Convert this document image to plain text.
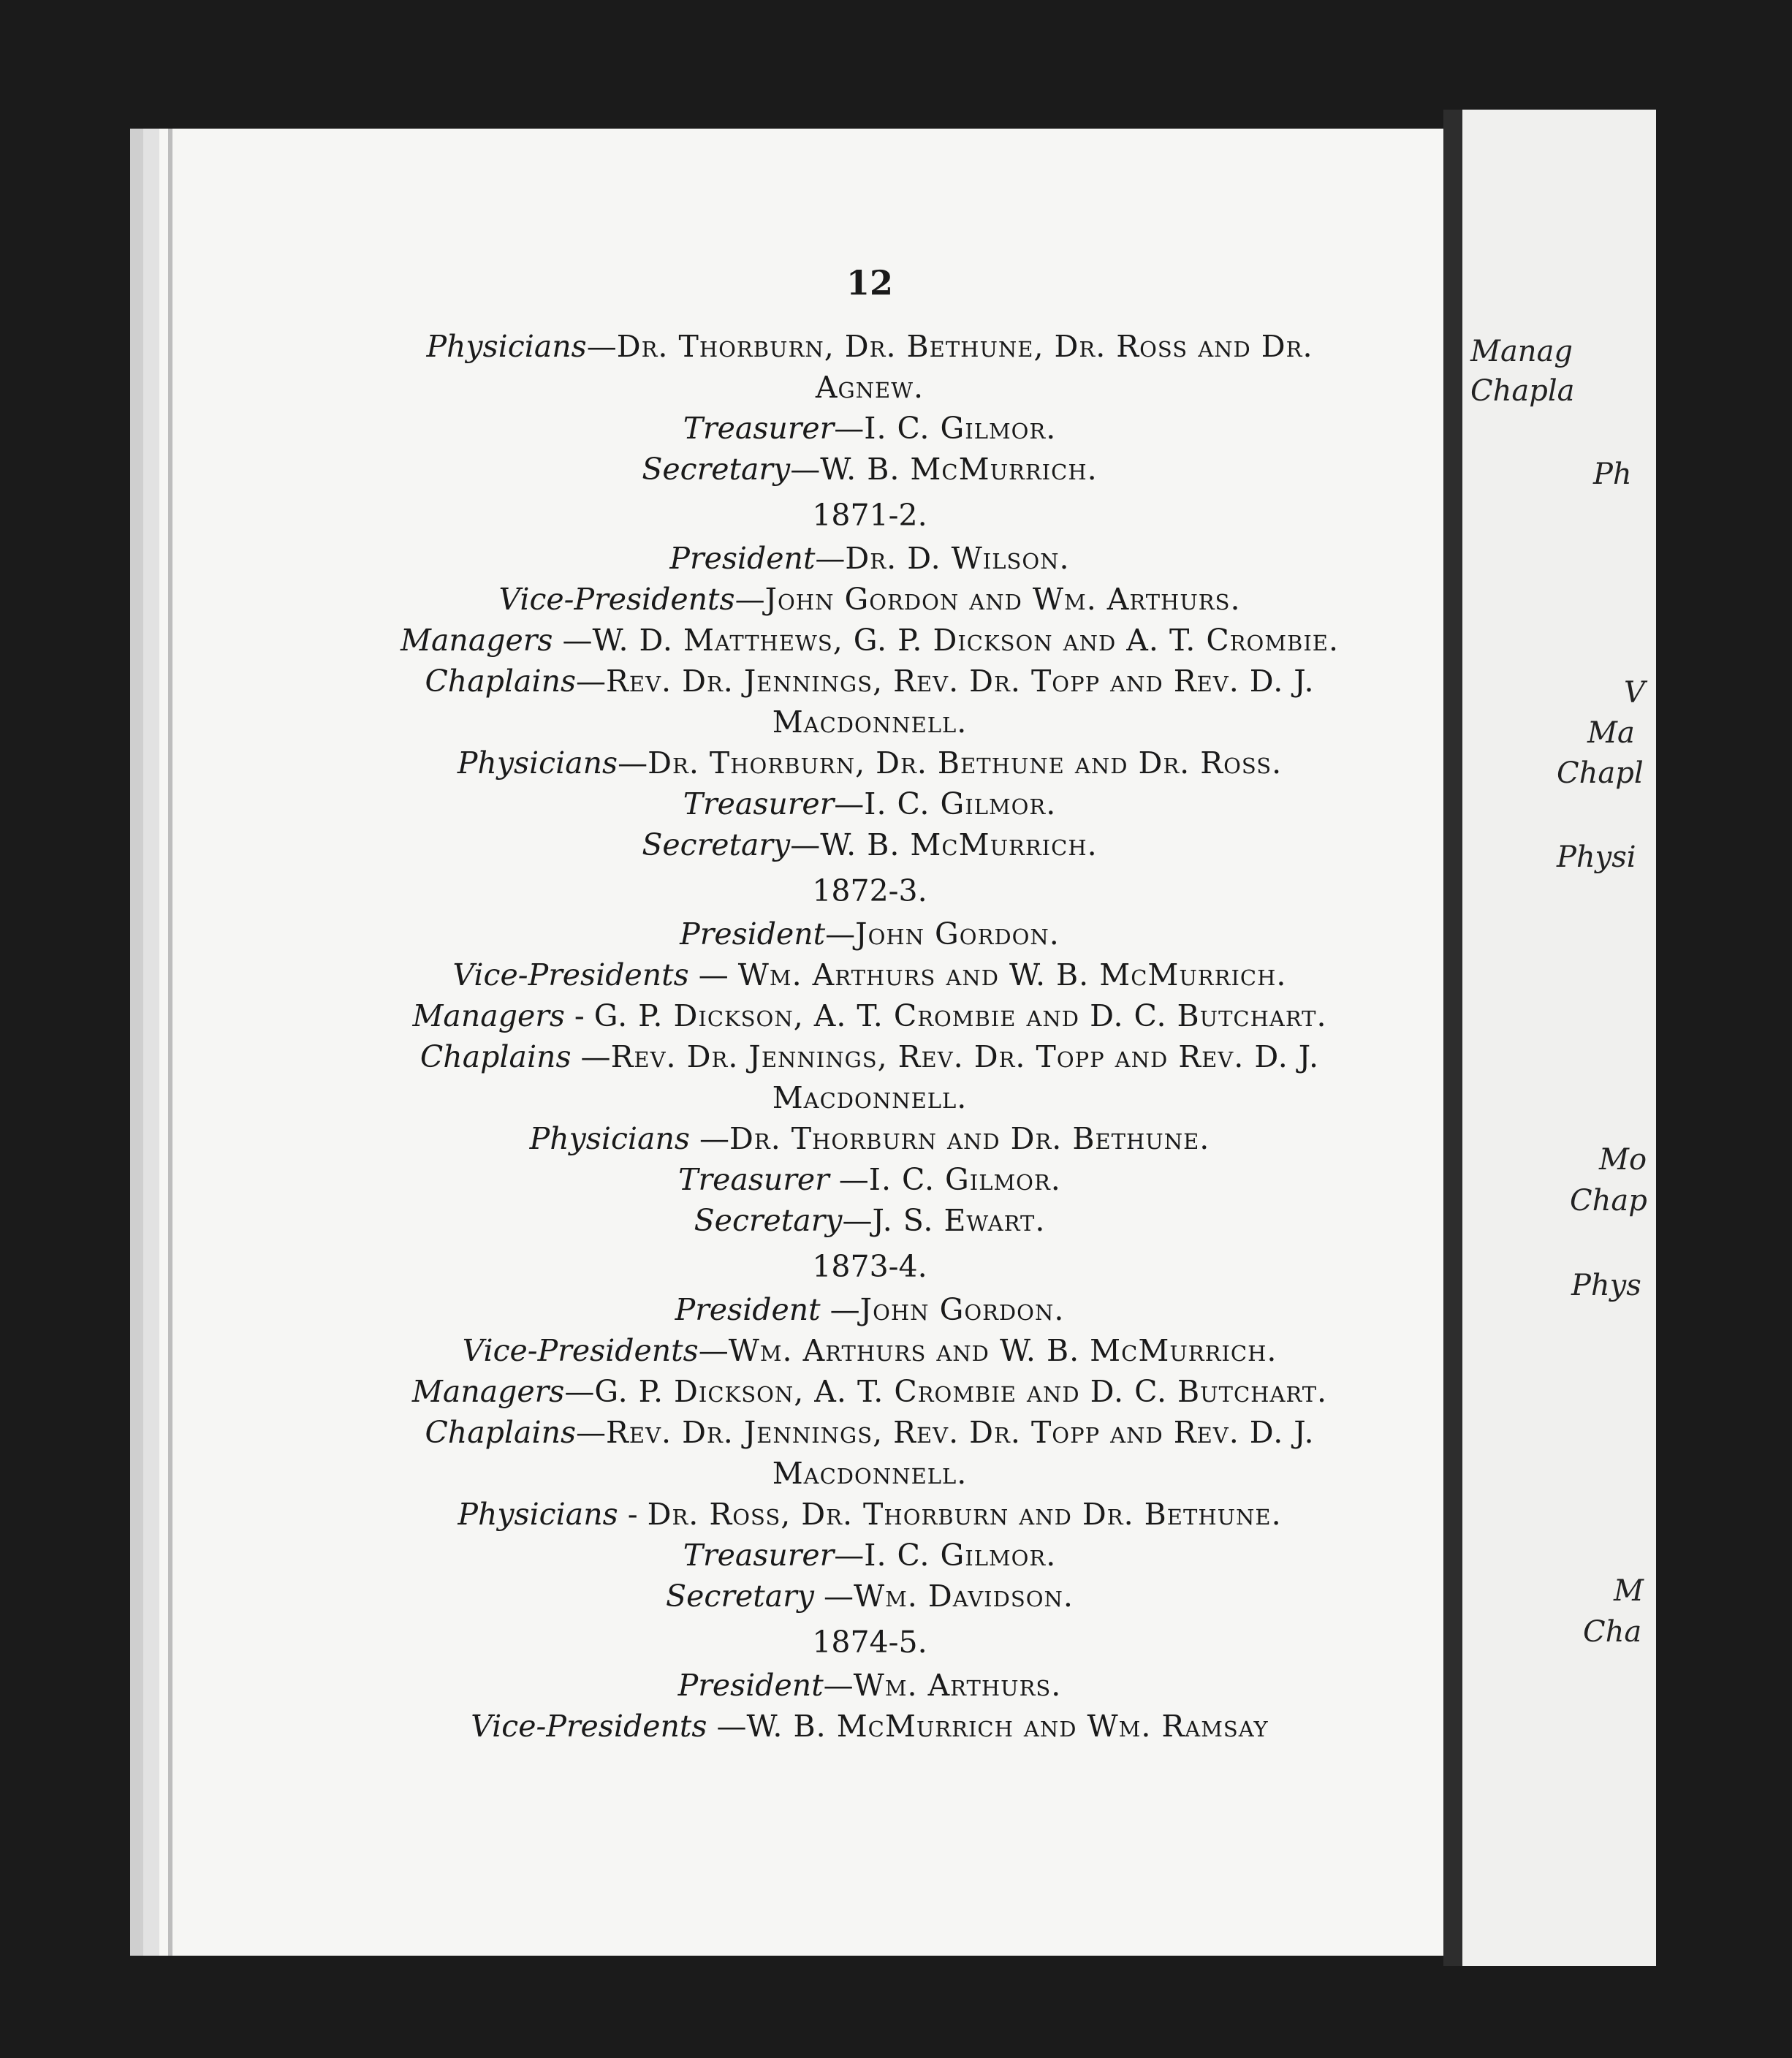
Manag
Chapla
Ph
V
Ma
Chapl
Physi
Mo
Chap
Phys
M
Cha
12
Physicians—Dr. Thorburn, Dr. Bethune, Dr. Ross and Dr.
Agnew.
Treasurer—I. C. Gilmor.
Secretary—W. B. McMurrich.
1871-2.
President—Dr. D. Wilson.
Vice-Presidents—John Gordon and Wm. Arthurs.
Managers —W. D. Matthews, G. P. Dickson and A. T. Crombie.
Chaplains—Rev. Dr. Jennings, Rev. Dr. Topp and Rev. D. J.
Macdonnell.
Physicians—Dr. Thorburn, Dr. Bethune and Dr. Ross.
Treasurer—I. C. Gilmor.
Secretary—W. B. McMurrich.
1872-3.
President—John Gordon.
Vice-Presidents — Wm. Arthurs and W. B. McMurrich.
Managers - G. P. Dickson, A. T. Crombie and D. C. Butchart.
Chaplains —Rev. Dr. Jennings, Rev. Dr. Topp and Rev. D. J.
Macdonnell.
Physicians —Dr. Thorburn and Dr. Bethune.
Treasurer —I. C. Gilmor.
Secretary—J. S. Ewart.
1873-4.
President —John Gordon.
Vice-Presidents—Wm. Arthurs and W. B. McMurrich.
Managers—G. P. Dickson, A. T. Crombie and D. C. Butchart.
Chaplains—Rev. Dr. Jennings, Rev. Dr. Topp and Rev. D. J.
Macdonnell.
Physicians - Dr. Ross, Dr. Thorburn and Dr. Bethune.
Treasurer—I. C. Gilmor.
Secretary —Wm. Davidson.
1874-5.
President—Wm. Arthurs.
Vice-Presidents —W. B. McMurrich and Wm. Ramsay
